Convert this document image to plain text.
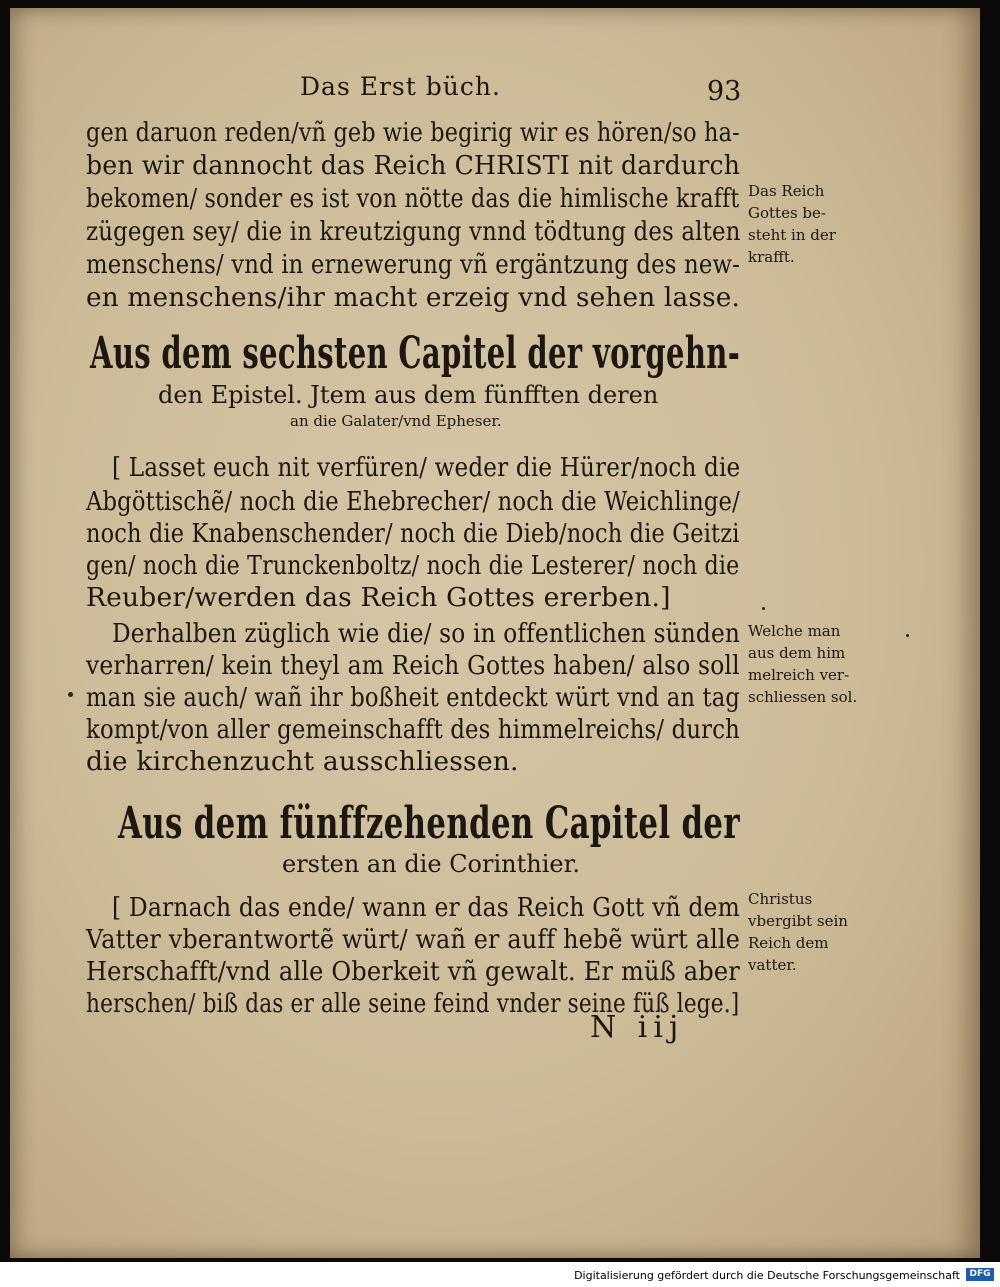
Das Erst büch.	93
gen daruon reden/vñ geb wie begirig wir es hören/so ha-
ben wir dannocht das Reich CHRISTI nit dardurch
bekomen/ sonder es ist von nötte das die himlische krafft
zügegen sey/ die in kreutzigung vnnd tödtung des alten
menschens/ vnd in ernewerung vñ ergäntzung des new-
en menschens/ihr macht erzeig vnd sehen lasse.
Das Reich
Gottes be-
steht in der
krafft.
Aus dem sechsten Capitel der vorgehn-
den Epistel. Jtem aus dem fünfften deren
an die Galater/vnd Epheser.
[ Lasset euch nit verfüren/ weder die Hürer/noch die
Abgöttischẽ/ noch die Ehebrecher/ noch die Weichlinge/
noch die Knabenschender/ noch die Dieb/noch die Geitzi
gen/ noch die Trunckenboltz/ noch die Lesterer/ noch die
Reuber/werden das Reich Gottes ererben.]
Derhalben züglich wie die/ so in offentlichen sünden
verharren/ kein theyl am Reich Gottes haben/ also soll
man sie auch/ wañ ihr boßheit entdeckt würt vnd an tag
kompt/von aller gemeinschafft des himmelreichs/ durch
die kirchenzucht ausschliessen.
Welche man
aus dem him
melreich ver-
schliessen sol.
Aus dem fünffzehenden Capitel der
ersten an die Corinthier.
[ Darnach das ende/ wann er das Reich Gott vñ dem
Vatter vberantwortẽ würt/ wañ er auff hebẽ würt alle
Herschafft/vnd alle Oberkeit vñ gewalt. Er müß aber
herschen/ biß das er alle seine feind vnder seine füß lege.]
Christus
vbergibt sein
Reich dem
vatter.
N iij
Digitalisierung gefördert durch die Deutsche Forschungsgemeinschaft	DFG
